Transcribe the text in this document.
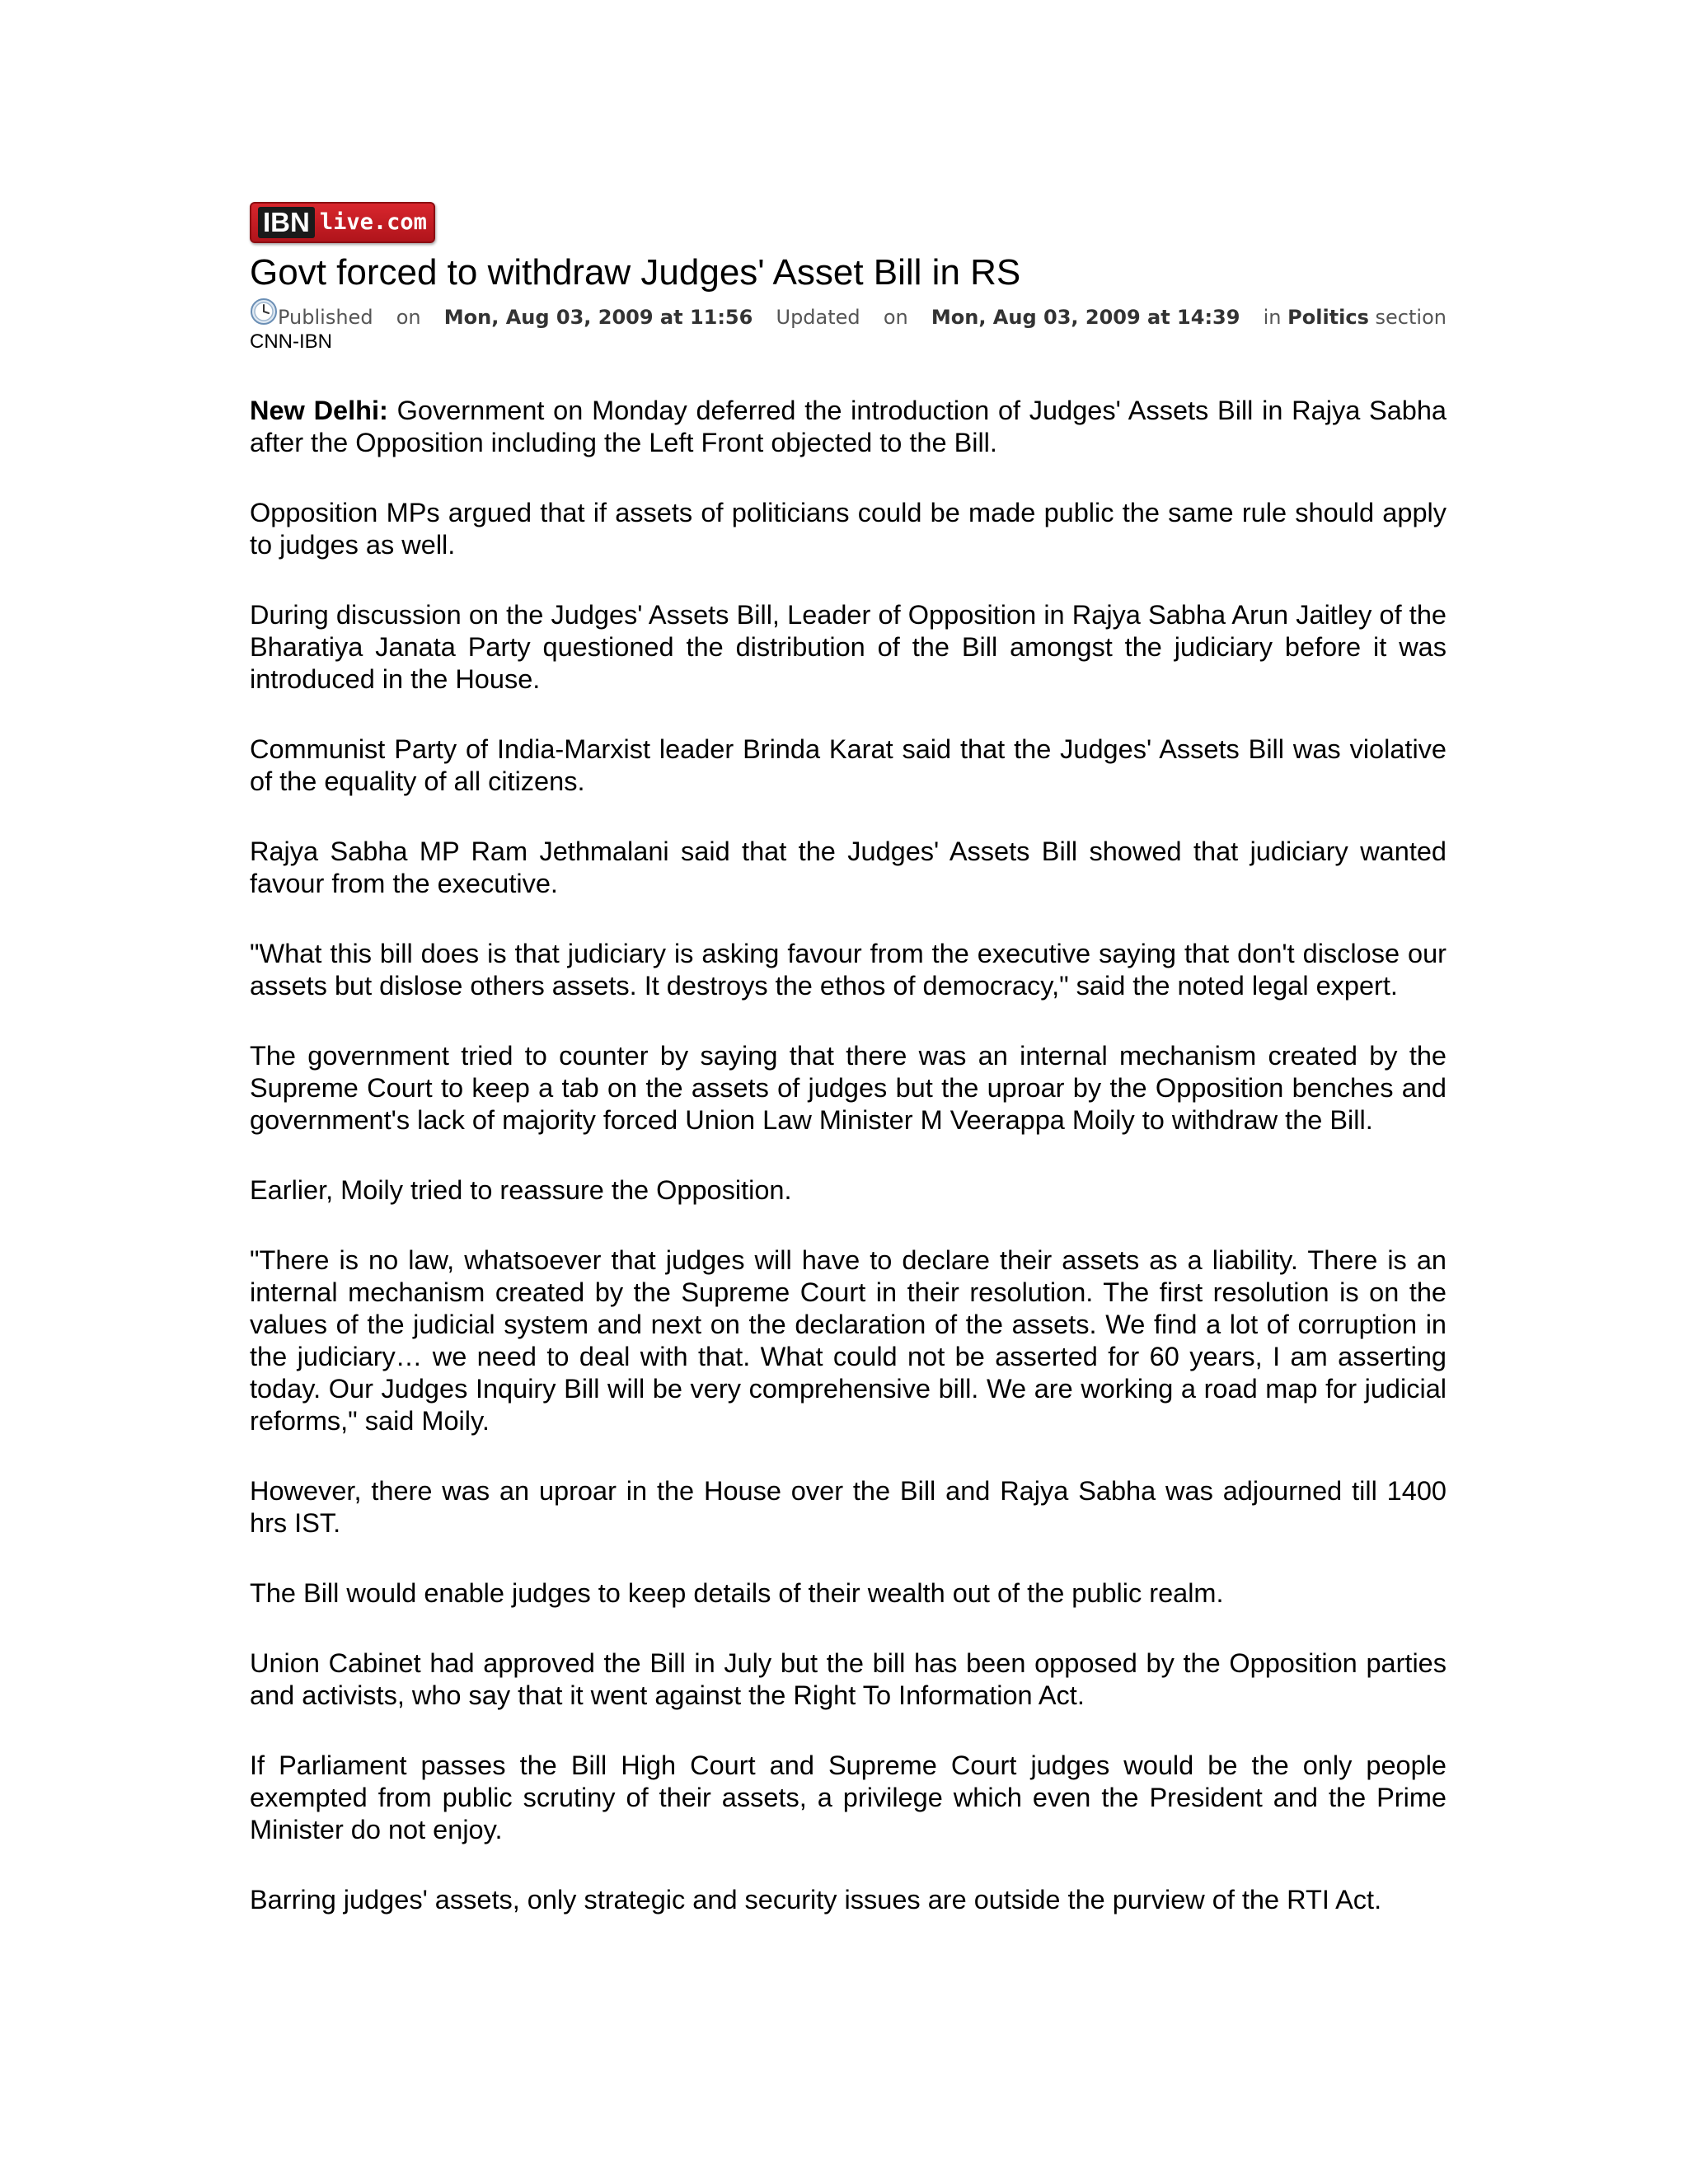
IBN live.com
Govt forced to withdraw Judges' Asset Bill in RS
Published on Mon, Aug 03, 2009 at 11:56 Updated on Mon, Aug 03, 2009 at 14:39 in Politics section
CNN-IBN

New Delhi: Government on Monday deferred the introduction of Judges' Assets Bill in Rajya Sabha after the Opposition including the Left Front objected to the Bill.

Opposition MPs argued that if assets of politicians could be made public the same rule should apply to judges as well.

During discussion on the Judges' Assets Bill, Leader of Opposition in Rajya Sabha Arun Jaitley of the Bharatiya Janata Party questioned the distribution of the Bill amongst the judiciary before it was introduced in the House.

Communist Party of India-Marxist leader Brinda Karat said that the Judges' Assets Bill was violative of the equality of all citizens.

Rajya Sabha MP Ram Jethmalani said that the Judges' Assets Bill showed that judiciary wanted favour from the executive.

"What this bill does is that judiciary is asking favour from the executive saying that don't disclose our assets but dislose others assets. It destroys the ethos of democracy," said the noted legal expert.

The government tried to counter by saying that there was an internal mechanism created by the Supreme Court to keep a tab on the assets of judges but the uproar by the Opposition benches and government's lack of majority forced Union Law Minister M Veerappa Moily to withdraw the Bill.

Earlier, Moily tried to reassure the Opposition.

"There is no law, whatsoever that judges will have to declare their assets as a liability. There is an internal mechanism created by the Supreme Court in their resolution. The first resolution is on the values of the judicial system and next on the declaration of the assets. We find a lot of corruption in the judiciary… we need to deal with that. What could not be asserted for 60 years, I am asserting today. Our Judges Inquiry Bill will be very comprehensive bill. We are working a road map for judicial reforms," said Moily.

However, there was an uproar in the House over the Bill and Rajya Sabha was adjourned till 1400 hrs IST.

The Bill would enable judges to keep details of their wealth out of the public realm.

Union Cabinet had approved the Bill in July but the bill has been opposed by the Opposition parties and activists, who say that it went against the Right To Information Act.

If Parliament passes the Bill High Court and Supreme Court judges would be the only people exempted from public scrutiny of their assets, a privilege which even the President and the Prime Minister do not enjoy.

Barring judges' assets, only strategic and security issues are outside the purview of the RTI Act.
